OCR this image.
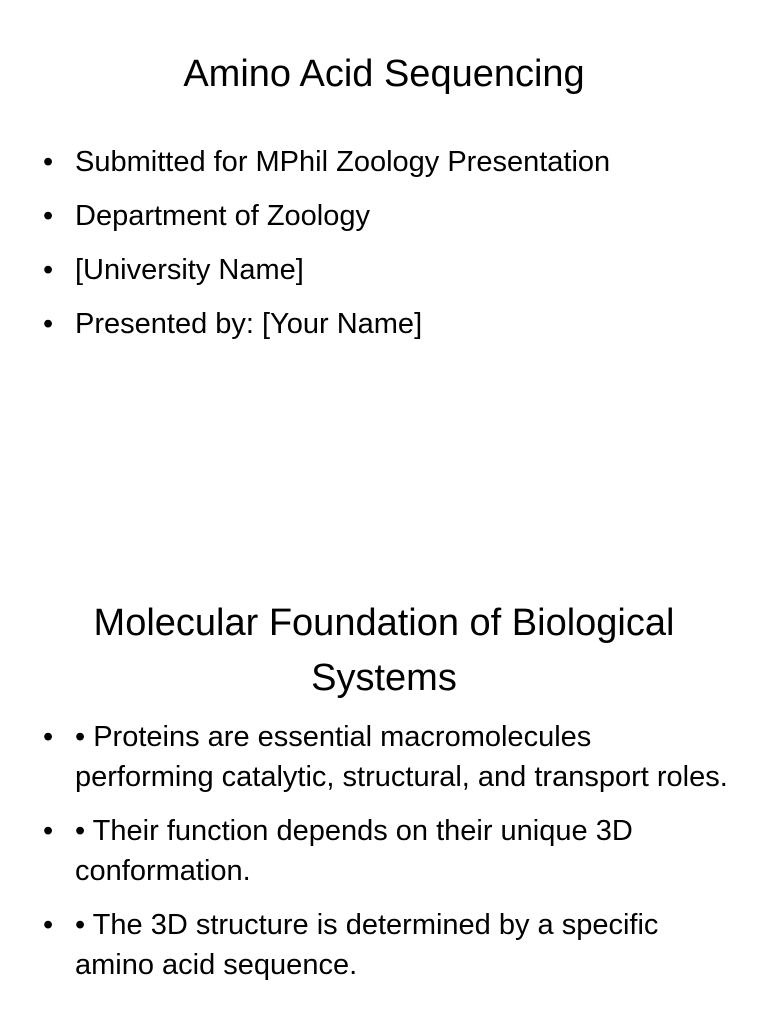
Amino Acid Sequencing
• Submitted for MPhil Zoology Presentation
• Department of Zoology
• [University Name]
• Presented by: [Your Name]
Molecular Foundation of Biological Systems
• • Proteins are essential macromolecules performing catalytic, structural, and transport roles.
• • Their function depends on their unique 3D conformation.
• • The 3D structure is determined by a specific amino acid sequence.
